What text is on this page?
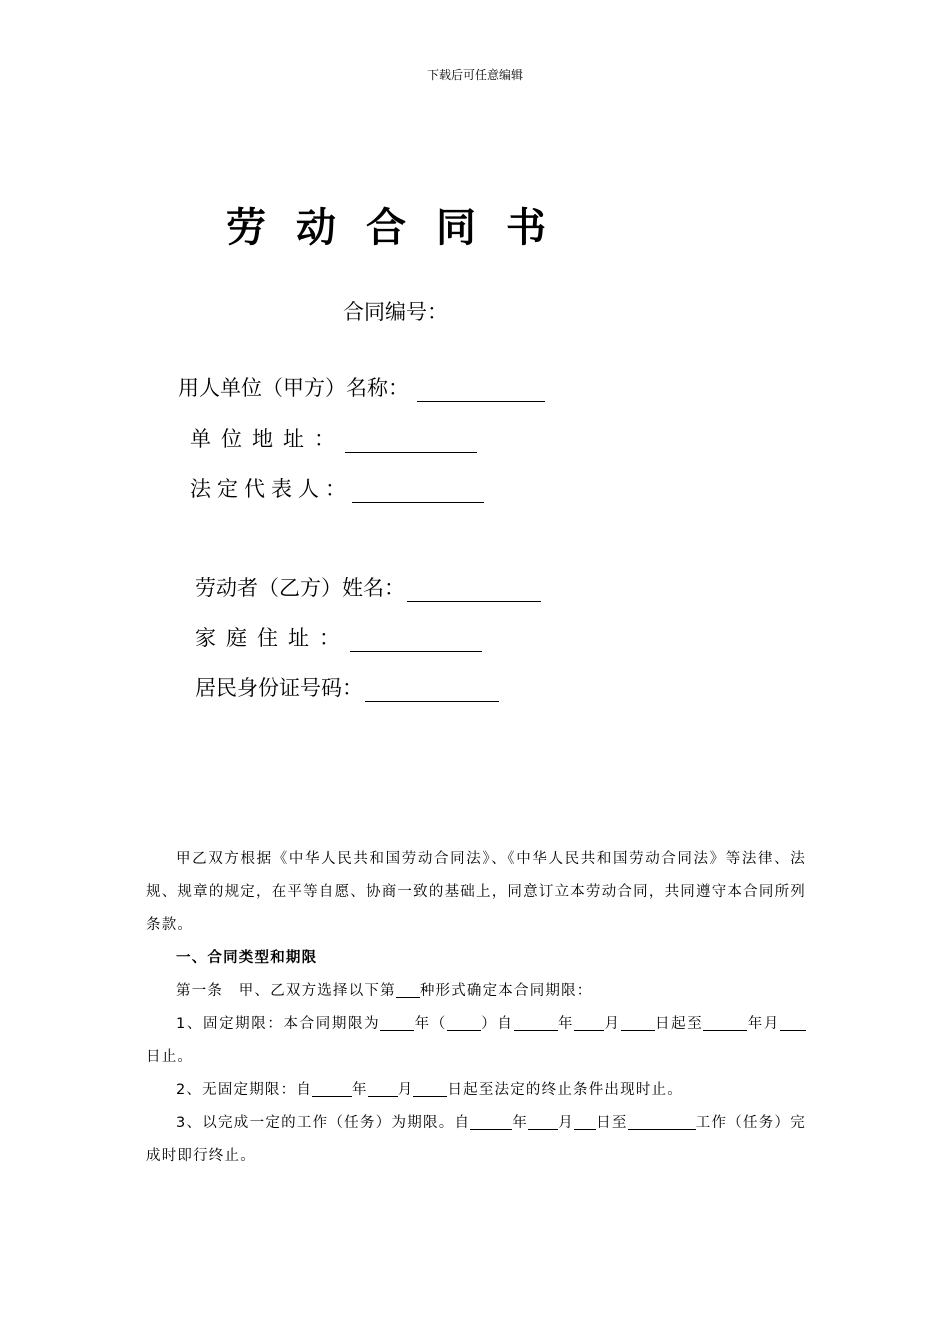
下载后可任意编辑
劳动合同书
合同编号：
用人单位（甲方）名称：
单位地址：
法定代表人：
劳动者（乙方）姓名：
家庭住址：
居民身份证号码：

甲乙双方根据《中华人民共和国劳动合同法》、《中华人民共和国劳动合同法》等法律、法规、规章的规定，在平等自愿、协商一致的基础上，同意订立本劳动合同，共同遵守本合同所列条款。

一、合同类型和期限

第一条　甲、乙双方选择以下第 种形式确定本合同期限：

1、固定期限：本合同期限为 年（ ）自	年 月 日起至	年月日止。

2、无固定期限：自	年 月 日起至法定的终止条件出现时止。

3、以完成一定的工作（任务）为期限。自	年 月 日至	工作（任务）完成时即行终止。
